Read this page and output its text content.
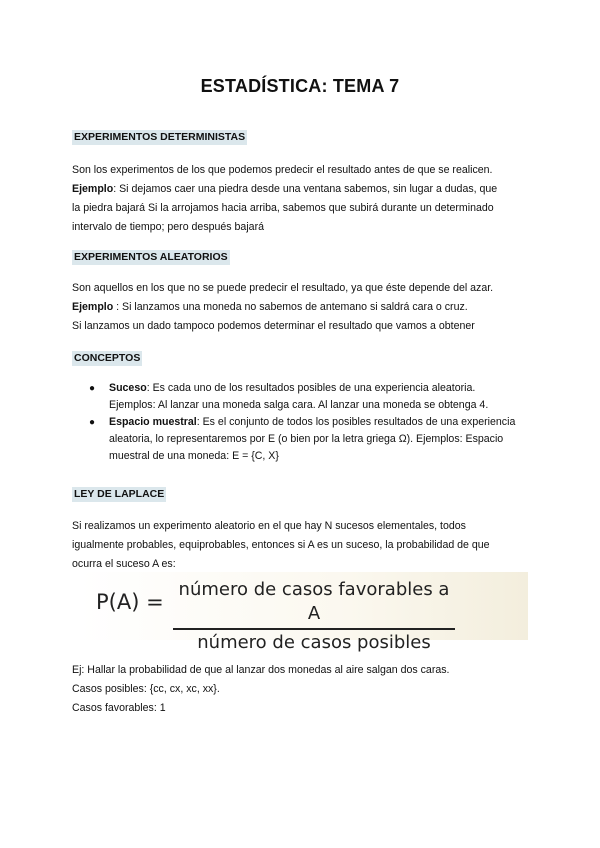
ESTADÍSTICA: TEMA 7
EXPERIMENTOS DETERMINISTAS
Son los experimentos de los que podemos predecir el resultado antes de que se realicen.
Ejemplo: Si dejamos caer una piedra desde una ventana sabemos, sin lugar a dudas, que
la piedra bajará Si la arrojamos hacia arriba, sabemos que subirá durante un determinado
intervalo de tiempo; pero después bajará
EXPERIMENTOS ALEATORIOS
Son aquellos en los que no se puede predecir el resultado, ya que éste depende del azar.
Ejemplo : Si lanzamos una moneda no sabemos de antemano si saldrá cara o cruz.
Si lanzamos un dado tampoco podemos determinar el resultado que vamos a obtener
CONCEPTOS
● Suceso: Es cada uno de los resultados posibles de una experiencia aleatoria.
Ejemplos: Al lanzar una moneda salga cara. Al lanzar una moneda se obtenga 4.
● Espacio muestral: Es el conjunto de todos los posibles resultados de una experiencia
aleatoria, lo representaremos por E (o bien por la letra griega Ω). Ejemplos: Espacio
muestral de una moneda: E = {C, X}
LEY DE LAPLACE
Si realizamos un experimento aleatorio en el que hay N sucesos elementales, todos
igualmente probables, equiprobables, entonces si A es un suceso, la probabilidad de que
ocurra el suceso A es:
P(A) =
número de casos favorables a A
número de casos posibles
Ej: Hallar la probabilidad de que al lanzar dos monedas al aire salgan dos caras.
Casos posibles: {cc, cx, xc, xx}.
Casos favorables: 1
